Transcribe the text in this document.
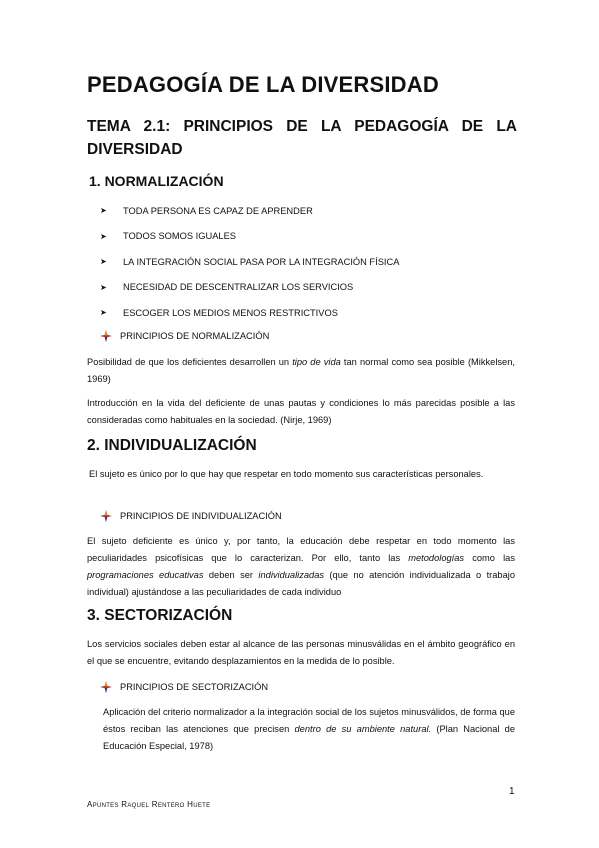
PEDAGOGÍA DE LA DIVERSIDAD
TEMA 2.1: PRINCIPIOS DE LA PEDAGOGÍA DE LA DIVERSIDAD
1. NORMALIZACIÓN
➤	TODA PERSONA ES CAPAZ DE APRENDER
➤	TODOS SOMOS IGUALES
➤	LA INTEGRACIÓN SOCIAL PASA POR LA INTEGRACIÓN FÍSICA
➤	NECESIDAD DE DESCENTRALIZAR LOS SERVICIOS
➤	ESCOGER LOS MEDIOS MENOS RESTRICTIVOS
PRINCIPIOS DE NORMALIZACIÓN

Posibilidad de que los deficientes desarrollen un tipo de vida tan normal como sea posible (Mikkelsen, 1969)

Introducción en la vida del deficiente de unas pautas y condiciones lo más parecidas posible a las consideradas como habituales en la sociedad. (Nirje, 1969)

2. INDIVIDUALIZACIÓN

El sujeto es único por lo que hay que respetar en todo momento sus características personales.

PRINCIPIOS DE INDIVIDUALIZACIÓN

El sujeto deficiente es único y, por tanto, la educación debe respetar en todo momento las peculiaridades psicofísicas que lo caracterizan. Por ello, tanto las metodologías como las programaciones educativas deben ser individualizadas (que no atención individualizada o trabajo individual) ajustándose a las peculiaridades de cada individuo

3. SECTORIZACIÓN

Los servicios sociales deben estar al alcance de las personas minusválidas en el ámbito geográfico en el que se encuentre, evitando desplazamientos en la medida de lo posible.

PRINCIPIOS DE SECTORIZACIÓN

Aplicación del criterio normalizador a la integración social de los sujetos minusválidos, de forma que éstos reciban las atenciones que precisen dentro de su ambiente natural. (Plan Nacional de Educación Especial, 1978)

1
Apuntes Raquel Rentero Huete
